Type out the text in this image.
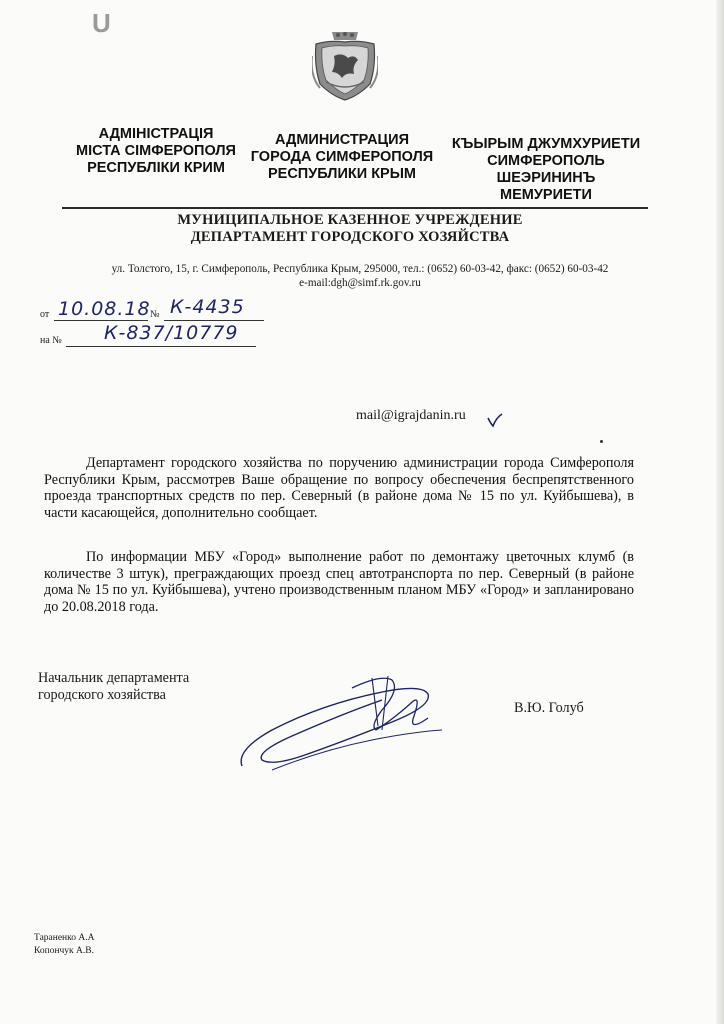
U
АДМІНІСТРАЦІЯ
МІСТА СІМФЕРОПОЛЯ
РЕСПУБЛІКИ КРИМ
АДМИНИСТРАЦИЯ
ГОРОДА СИМФЕРОПОЛЯ
РЕСПУБЛИКИ КРЫМ
КЪЫРЫМ ДЖУМХУРИЕТИ
СИМФЕРОПОЛЬ
ШЕЭРИНИНЪ
МЕМУРИЕТИ
МУНИЦИПАЛЬНОЕ КАЗЕННОЕ УЧРЕЖДЕНИЕ
ДЕПАРТАМЕНТ ГОРОДСКОГО ХОЗЯЙСТВА
ул. Толстого, 15, г. Симферополь, Республика Крым, 295000, тел.: (0652) 60-03-42, факс: (0652) 60-03-42
e-mail:dgh@simf.rk.gov.ru
от 10.08.18 № К-4435
на № К-837/10779
mail@igrajdanin.ru

Департамент городского хозяйства по поручению администрации города Симферополя Республики Крым, рассмотрев Ваше обращение по вопросу обеспечения беспрепятственного проезда транспортных средств по пер. Северный (в районе дома № 15 по ул. Куйбышева), в части касающейся, дополнительно сообщает.

По информации МБУ «Город» выполнение работ по демонтажу цветочных клумб (в количестве 3 штук), преграждающих проезд спец автотранспорта по пер. Северный (в районе дома № 15 по ул. Куйбышева), учтено производственным планом МБУ «Город» и запланировано до 20.08.2018 года.

Начальник департамента
городского хозяйства
В.Ю. Голуб
Тараненко А.А
Копончук А.В.
